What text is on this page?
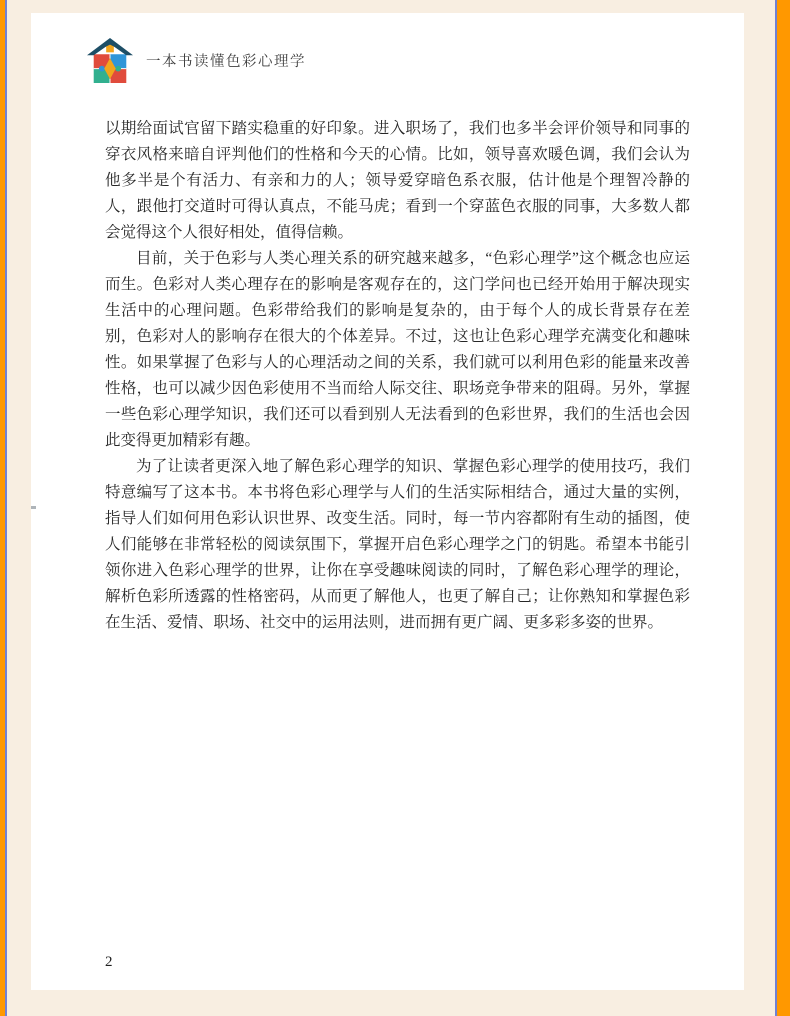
一本书读懂色彩心理学

以期给面试官留下踏实稳重的好印象。进入职场了，我们也多半会评价领导和同事的穿衣风格来暗自评判他们的性格和今天的心情。比如，领导喜欢暖色调，我们会认为他多半是个有活力、有亲和力的人；领导爱穿暗色系衣服，估计他是个理智冷静的人，跟他打交道时可得认真点，不能马虎；看到一个穿蓝色衣服的同事，大多数人都会觉得这个人很好相处，值得信赖。

目前，关于色彩与人类心理关系的研究越来越多，“色彩心理学”这个概念也应运而生。色彩对人类心理存在的影响是客观存在的，这门学问也已经开始用于解决现实生活中的心理问题。色彩带给我们的影响是复杂的，由于每个人的成长背景存在差别，色彩对人的影响存在很大的个体差异。不过，这也让色彩心理学充满变化和趣味性。如果掌握了色彩与人的心理活动之间的关系，我们就可以利用色彩的能量来改善性格，也可以减少因色彩使用不当而给人际交往、职场竞争带来的阻碍。另外，掌握一些色彩心理学知识，我们还可以看到别人无法看到的色彩世界，我们的生活也会因此变得更加精彩有趣。

为了让读者更深入地了解色彩心理学的知识、掌握色彩心理学的使用技巧，我们特意编写了这本书。本书将色彩心理学与人们的生活实际相结合，通过大量的实例，指导人们如何用色彩认识世界、改变生活。同时，每一节内容都附有生动的插图，使人们能够在非常轻松的阅读氛围下，掌握开启色彩心理学之门的钥匙。希望本书能引领你进入色彩心理学的世界，让你在享受趣味阅读的同时，了解色彩心理学的理论，解析色彩所透露的性格密码，从而更了解他人，也更了解自己；让你熟知和掌握色彩在生活、爱情、职场、社交中的运用法则，进而拥有更广阔、更多彩多姿的世界。

2
